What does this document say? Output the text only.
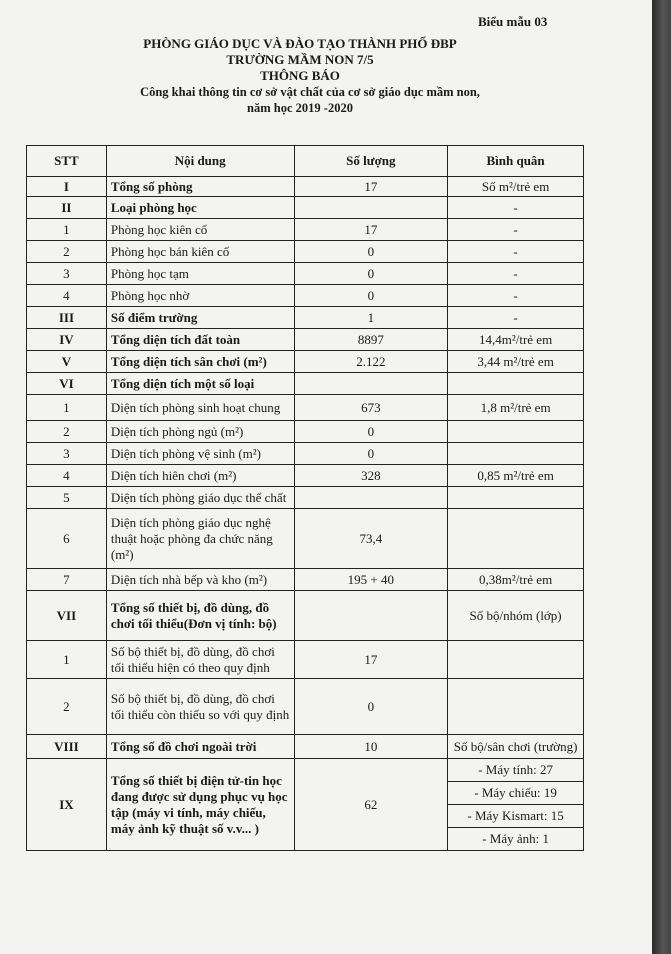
Biểu mẫu 03
PHÒNG GIÁO DỤC VÀ ĐÀO TẠO THÀNH PHỐ ĐBP
TRƯỜNG MẦM NON 7/5
THÔNG BÁO
Công khai thông tin cơ sở vật chất của cơ sở giáo dục mầm non,
năm học 2019 -2020
STT	Nội dung	Số lượng	Bình quân
I	Tổng số phòng	17	Số m²/trẻ em
II	Loại phòng học		-
1	Phòng học kiên cố	17	-
2	Phòng học bán kiên cố	0	-
3	Phòng học tạm	0	-
4	Phòng học nhờ	0	-
III	Số điểm trường	1	-
IV	Tổng diện tích đất toàn	8897	14,4m²/trẻ em
V	Tổng diện tích sân chơi (m²)	2.122	3,44 m²/trẻ em
VI	Tổng diện tích một số loại		
1	Diện tích phòng sinh hoạt chung	673	1,8 m²/trẻ em
2	Diện tích phòng ngủ (m²)	0	
3	Diện tích phòng vệ sinh (m²)	0	
4	Diện tích hiên chơi (m²)	328	0,85 m²/trẻ em
5	Diện tích phòng giáo dục thể chất		
6	Diện tích phòng giáo dục nghệ thuật hoặc phòng đa chức năng (m²)	73,4	
7	Diện tích nhà bếp và kho (m²)	195 + 40	0,38m²/trẻ em
VII	Tổng số thiết bị, đồ dùng, đồ chơi tối thiểu(Đơn vị tính: bộ)		Số bộ/nhóm (lớp)
1	Số bộ thiết bị, đồ dùng, đồ chơi tối thiểu hiện có theo quy định	17	
2	Số bộ thiết bị, đồ dùng, đồ chơi tối thiểu còn thiếu so với quy định	0	
VIII	Tổng số đồ chơi ngoài trời	10	Số bộ/sân chơi (trường)
IX	Tổng số thiết bị điện tử-tin học đang được sử dụng phục vụ học tập (máy vi tính, máy chiếu, máy ảnh kỹ thuật số v.v... )	62	- Máy tính: 27
- Máy chiếu: 19
- Máy Kismart: 15
- Máy ảnh: 1
